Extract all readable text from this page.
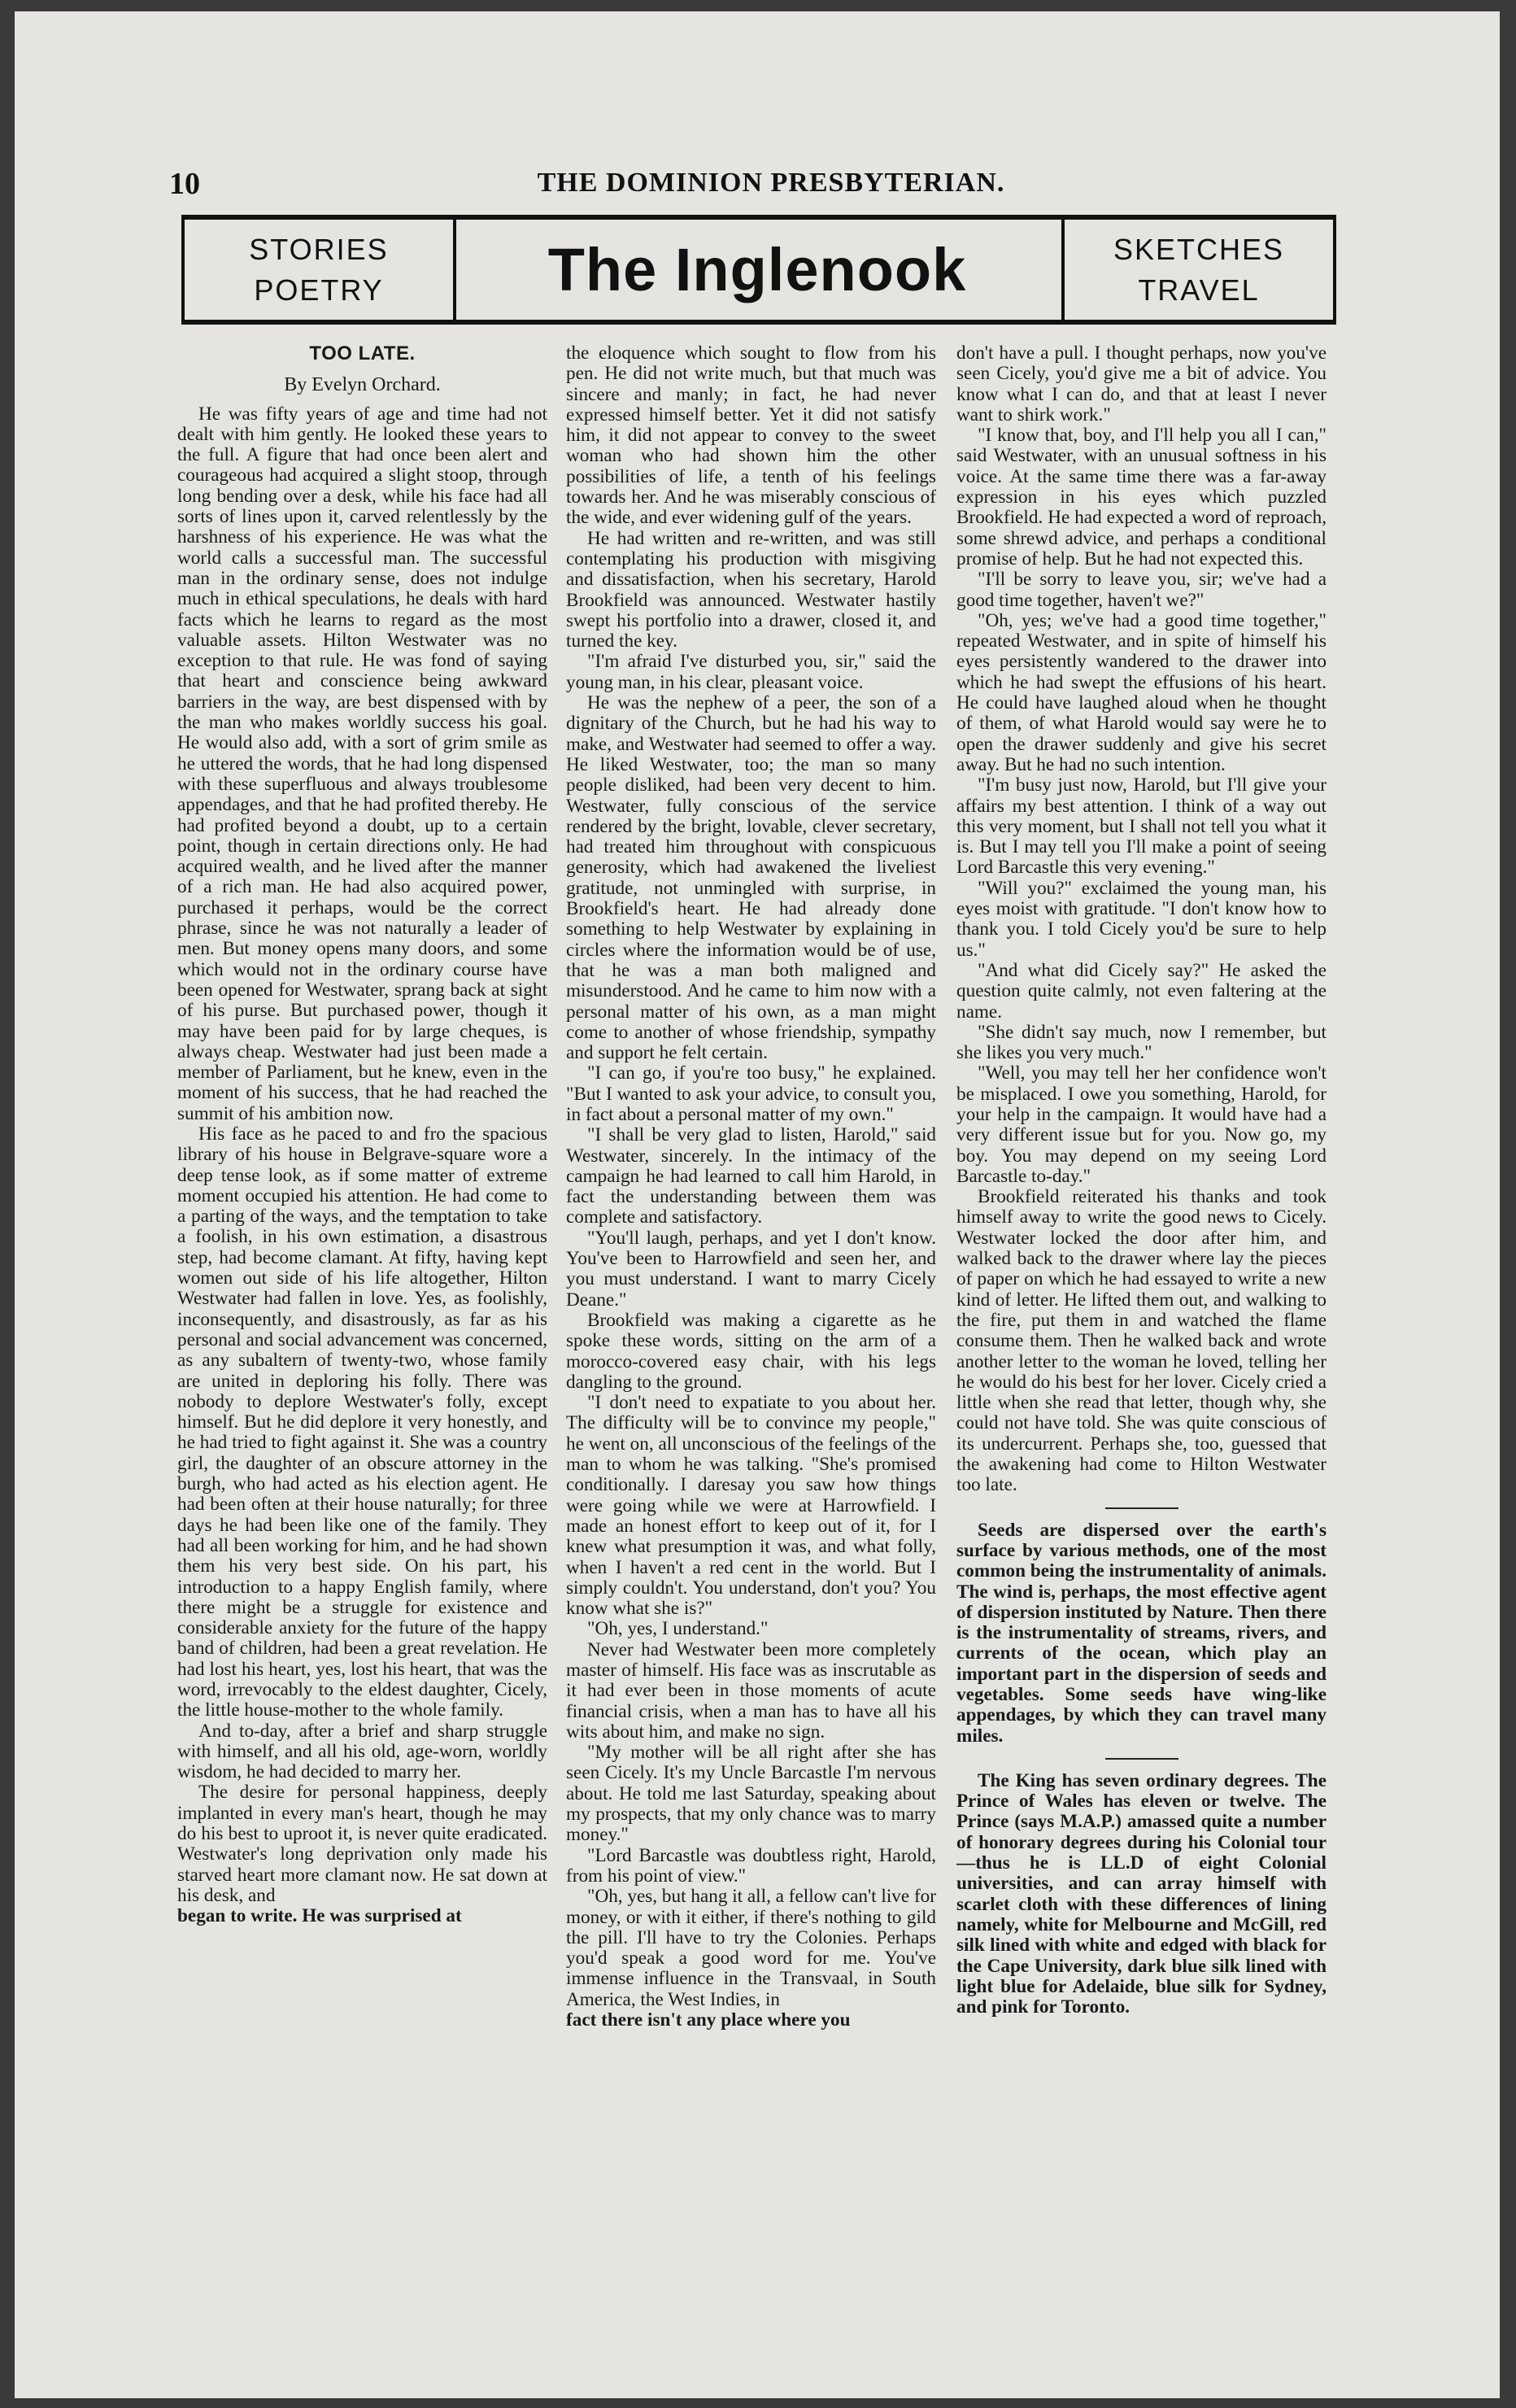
10	THE DOMINION PRESBYTERIAN.
STORIES
POETRY	The Inglenook	SKETCHES
TRAVEL
TOO LATE.
By Evelyn Orchard.

He was fifty years of age and time had not dealt with him gently. He looked these years to the full. A figure that had once been alert and courageous had acquired a slight stoop, through long bending over a desk, while his face had all sorts of lines upon it, carved relentlessly by the harshness of his experience. He was what the world calls a successful man. The successful man in the ordinary sense, does not indulge much in ethical speculations, he deals with hard facts which he learns to regard as the most valuable assets. Hilton Westwater was no exception to that rule. He was fond of saying that heart and conscience being awkward barriers in the way, are best dispensed with by the man who makes worldly success his goal. He would also add, with a sort of grim smile as he uttered the words, that he had long dispensed with these superfluous and always troublesome appendages, and that he had profited thereby. He had profited beyond a doubt, up to a certain point, though in certain directions only. He had acquired wealth, and he lived after the manner of a rich man. He had also acquired power, purchased it perhaps, would be the correct phrase, since he was not naturally a leader of men. But money opens many doors, and some which would not in the ordinary course have been opened for Westwater, sprang back at sight of his purse. But purchased power, though it may have been paid for by large cheques, is always cheap. Westwater had just been made a member of Parliament, but he knew, even in the moment of his success, that he had reached the summit of his ambition now.

His face as he paced to and fro the spacious library of his house in Belgrave-square wore a deep tense look, as if some matter of extreme moment occupied his attention. He had come to a parting of the ways, and the temptation to take a foolish, in his own estimation, a disastrous step, had become clamant. At fifty, having kept women out side of his life altogether, Hilton Westwater had fallen in love. Yes, as foolishly, inconsequently, and disastrously, as far as his personal and social advancement was concerned, as any subaltern of twenty-two, whose family are united in deploring his folly. There was nobody to deplore Westwater's folly, except himself. But he did deplore it very honestly, and he had tried to fight against it. She was a country girl, the daughter of an obscure attorney in the burgh, who had acted as his election agent. He had been often at their house naturally; for three days he had been like one of the family. They had all been working for him, and he had shown them his very best side. On his part, his introduction to a happy English family, where there might be a struggle for existence and considerable anxiety for the future of the happy band of children, had been a great revelation. He had lost his heart, yes, lost his heart, that was the word, irrevocably to the eldest daughter, Cicely, the little house-mother to the whole family.

And to-day, after a brief and sharp struggle with himself, and all his old, age-worn, worldly wisdom, he had decided to marry her.

The desire for personal happiness, deeply implanted in every man's heart, though he may do his best to uproot it, is never quite eradicated. Westwater's long deprivation only made his starved heart more clamant now. He sat down at his desk, and

began to write. He was surprised at

the eloquence which sought to flow from his pen. He did not write much, but that much was sincere and manly; in fact, he had never expressed himself better. Yet it did not satisfy him, it did not appear to convey to the sweet woman who had shown him the other possibilities of life, a tenth of his feelings towards her. And he was miserably conscious of the wide, and ever widening gulf of the years.

He had written and re-written, and was still contemplating his production with misgiving and dissatisfaction, when his secretary, Harold Brookfield was announced. Westwater hastily swept his portfolio into a drawer, closed it, and turned the key.

"I'm afraid I've disturbed you, sir," said the young man, in his clear, pleasant voice.

He was the nephew of a peer, the son of a dignitary of the Church, but he had his way to make, and Westwater had seemed to offer a way. He liked Westwater, too; the man so many people disliked, had been very decent to him. Westwater, fully conscious of the service rendered by the bright, lovable, clever secretary, had treated him throughout with conspicuous generosity, which had awakened the liveliest gratitude, not unmingled with surprise, in Brookfield's heart. He had already done something to help Westwater by explaining in circles where the information would be of use, that he was a man both maligned and misunderstood. And he came to him now with a personal matter of his own, as a man might come to another of whose friendship, sympathy and support he felt certain.

"I can go, if you're too busy," he explained. "But I wanted to ask your advice, to consult you, in fact about a personal matter of my own."

"I shall be very glad to listen, Harold," said Westwater, sincerely. In the intimacy of the campaign he had learned to call him Harold, in fact the understanding between them was complete and satisfactory.

"You'll laugh, perhaps, and yet I don't know. You've been to Harrowfield and seen her, and you must understand. I want to marry Cicely Deane."

Brookfield was making a cigarette as he spoke these words, sitting on the arm of a morocco-covered easy chair, with his legs dangling to the ground.

"I don't need to expatiate to you about her. The difficulty will be to convince my people," he went on, all unconscious of the feelings of the man to whom he was talking. "She's promised conditionally. I daresay you saw how things were going while we were at Harrowfield. I made an honest effort to keep out of it, for I knew what presumption it was, and what folly, when I haven't a red cent in the world. But I simply couldn't. You understand, don't you? You know what she is?"

"Oh, yes, I understand."

Never had Westwater been more completely master of himself. His face was as inscrutable as it had ever been in those moments of acute financial crisis, when a man has to have all his wits about him, and make no sign.

"My mother will be all right after she has seen Cicely. It's my Uncle Barcastle I'm nervous about. He told me last Saturday, speaking about my prospects, that my only chance was to marry money."

"Lord Barcastle was doubtless right, Harold, from his point of view."

"Oh, yes, but hang it all, a fellow can't live for money, or with it either, if there's nothing to gild the pill. I'll have to try the Colonies. Perhaps you'd speak a good word for me. You've immense influence in the Transvaal, in South America, the West Indies, in

fact there isn't any place where you

don't have a pull. I thought perhaps, now you've seen Cicely, you'd give me a bit of advice. You know what I can do, and that at least I never want to shirk work."

"I know that, boy, and I'll help you all I can," said Westwater, with an unusual softness in his voice. At the same time there was a far-away expression in his eyes which puzzled Brookfield. He had expected a word of reproach, some shrewd advice, and perhaps a conditional promise of help. But he had not expected this.

"I'll be sorry to leave you, sir; we've had a good time together, haven't we?"

"Oh, yes; we've had a good time together," repeated Westwater, and in spite of himself his eyes persistently wandered to the drawer into which he had swept the effusions of his heart. He could have laughed aloud when he thought of them, of what Harold would say were he to open the drawer suddenly and give his secret away. But he had no such intention.

"I'm busy just now, Harold, but I'll give your affairs my best attention. I think of a way out this very moment, but I shall not tell you what it is. But I may tell you I'll make a point of seeing Lord Barcastle this very evening."

"Will you?" exclaimed the young man, his eyes moist with gratitude. "I don't know how to thank you. I told Cicely you'd be sure to help us."

"And what did Cicely say?" He asked the question quite calmly, not even faltering at the name.

"She didn't say much, now I remember, but she likes you very much."

"Well, you may tell her her confidence won't be misplaced. I owe you something, Harold, for your help in the campaign. It would have had a very different issue but for you. Now go, my boy. You may depend on my seeing Lord Barcastle to-day."

Brookfield reiterated his thanks and took himself away to write the good news to Cicely. Westwater locked the door after him, and walked back to the drawer where lay the pieces of paper on which he had essayed to write a new kind of letter. He lifted them out, and walking to the fire, put them in and watched the flame consume them. Then he walked back and wrote another letter to the woman he loved, telling her he would do his best for her lover. Cicely cried a little when she read that letter, though why, she could not have told. She was quite conscious of its undercurrent. Perhaps she, too, guessed that the awakening had come to Hilton Westwater too late.

Seeds are dispersed over the earth's surface by various methods, one of the most common being the instrumentality of animals. The wind is, perhaps, the most effective agent of dispersion instituted by Nature. Then there is the instrumentality of streams, rivers, and currents of the ocean, which play an important part in the dispersion of seeds and vegetables. Some seeds have wing-like appendages, by which they can travel many miles.

The King has seven ordinary degrees. The Prince of Wales has eleven or twelve. The Prince (says M.A.P.) amassed quite a number of honorary degrees during his Colonial tour—thus he is LL.D of eight Colonial universities, and can array himself with scarlet cloth with these differences of lining namely, white for Melbourne and McGill, red silk lined with white and edged with black for the Cape University, dark blue silk lined with light blue for Adelaide, blue silk for Sydney, and pink for Toronto.
